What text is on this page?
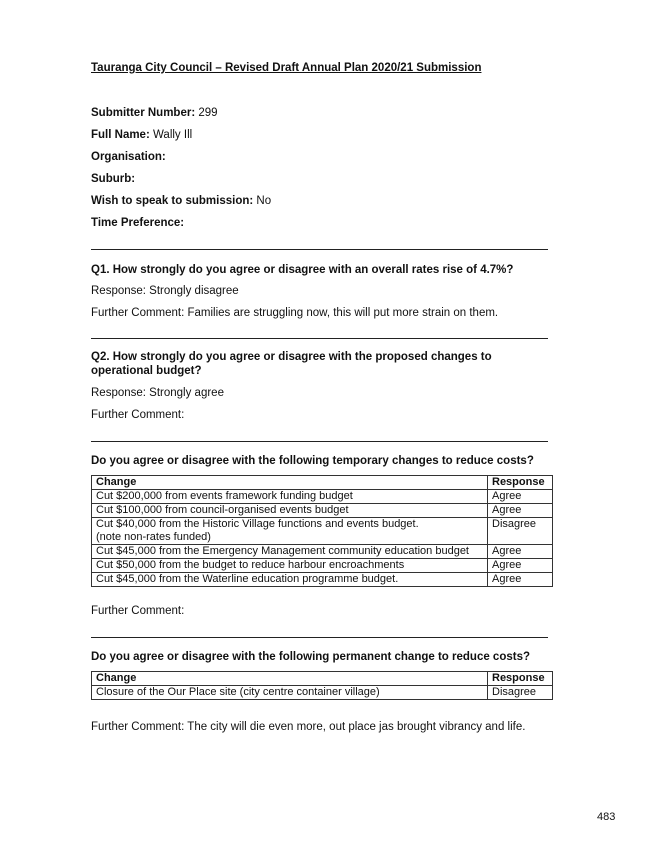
Tauranga City Council – Revised Draft Annual Plan 2020/21 Submission
Submitter Number: 299
Full Name: Wally Ill
Organisation:
Suburb:
Wish to speak to submission: No
Time Preference:
Q1. How strongly do you agree or disagree with an overall rates rise of 4.7%?
Response: Strongly disagree
Further Comment: Families are struggling now, this will put more strain on them.
Q2. How strongly do you agree or disagree with the proposed changes to operational budget?
Response: Strongly agree
Further Comment:
Do you agree or disagree with the following temporary changes to reduce costs?
Change	Response
Cut $200,000 from events framework funding budget	Agree
Cut $100,000 from council-organised events budget	Agree
Cut $40,000 from the Historic Village functions and events budget.
(note non-rates funded)	Disagree
Cut $45,000 from the Emergency Management community education budget	Agree
Cut $50,000 from the budget to reduce harbour encroachments	Agree
Cut $45,000 from the Waterline education programme budget.	Agree
Further Comment:
Do you agree or disagree with the following permanent change to reduce costs?
Change	Response
Closure of the Our Place site (city centre container village)	Disagree
Further Comment: The city will die even more, out place jas brought vibrancy and life.
483
